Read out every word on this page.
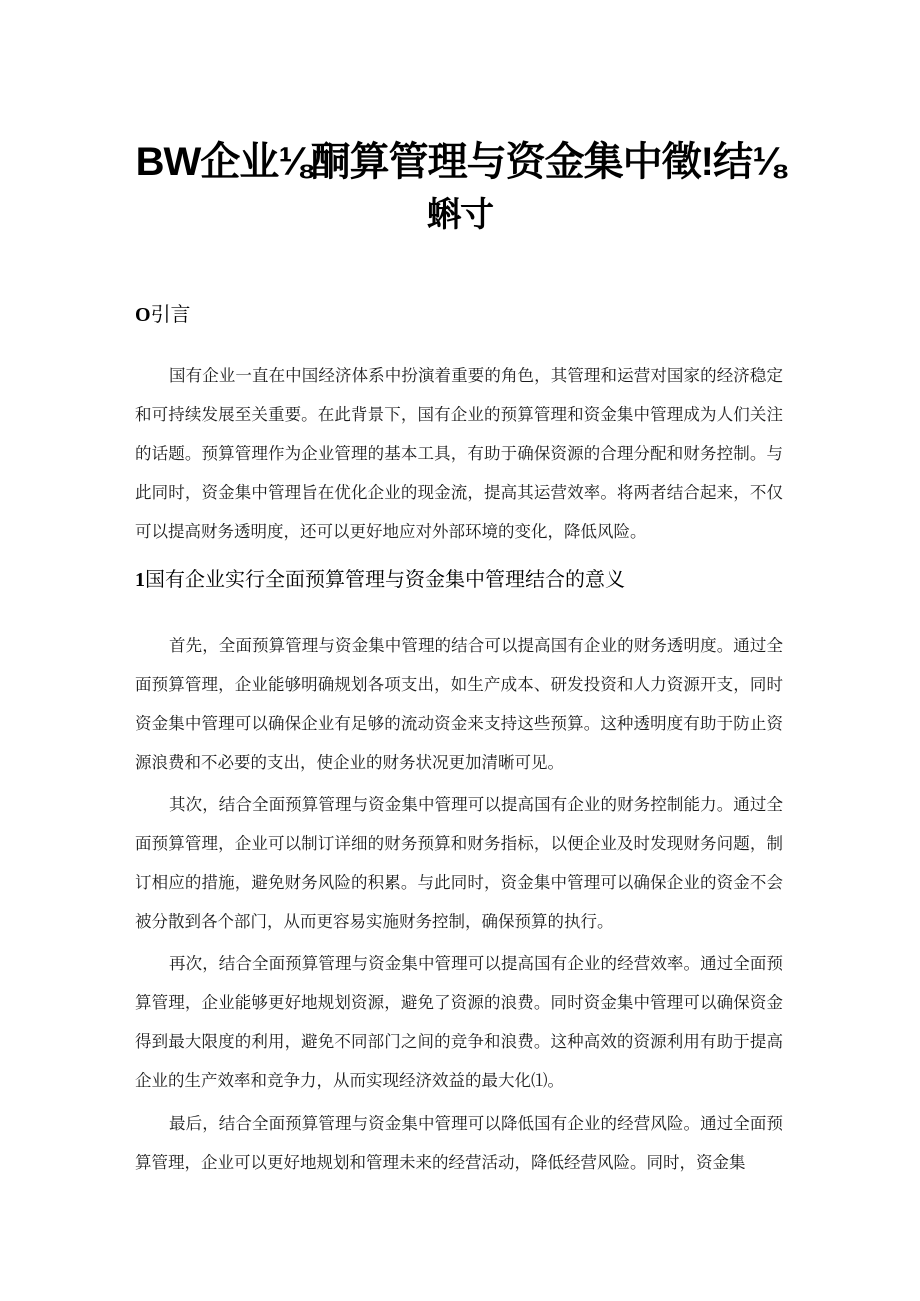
BW企业⅛酮算管理与资金集中徵!结⅛
蝌寸
O引言

国有企业一直在中国经济体系中扮演着重要的角色，其管理和运营对国家的经济稳定和可持续发展至关重要。在此背景下，国有企业的预算管理和资金集中管理成为人们关注的话题。预算管理作为企业管理的基本工具，有助于确保资源的合理分配和财务控制。与此同时，资金集中管理旨在优化企业的现金流，提高其运营效率。将两者结合起来，不仅可以提高财务透明度，还可以更好地应对外部环境的变化，降低风险。

1国有企业实行全面预算管理与资金集中管理结合的意义

首先，全面预算管理与资金集中管理的结合可以提高国有企业的财务透明度。通过全面预算管理，企业能够明确规划各项支出，如生产成本、研发投资和人力资源开支，同时资金集中管理可以确保企业有足够的流动资金来支持这些预算。这种透明度有助于防止资源浪费和不必要的支出，使企业的财务状况更加清晰可见。

其次，结合全面预算管理与资金集中管理可以提高国有企业的财务控制能力。通过全面预算管理，企业可以制订详细的财务预算和财务指标，以便企业及时发现财务问题，制订相应的措施，避免财务风险的积累。与此同时，资金集中管理可以确保企业的资金不会被分散到各个部门，从而更容易实施财务控制，确保预算的执行。

再次，结合全面预算管理与资金集中管理可以提高国有企业的经营效率。通过全面预算管理，企业能够更好地规划资源，避免了资源的浪费。同时资金集中管理可以确保资金得到最大限度的利用，避免不同部门之间的竞争和浪费。这种高效的资源利用有助于提高企业的生产效率和竞争力，从而实现经济效益的最大化⑴。

最后，结合全面预算管理与资金集中管理可以降低国有企业的经营风险。通过全面预算管理，企业可以更好地规划和管理未来的经营活动，降低经营风险。同时，资金集
